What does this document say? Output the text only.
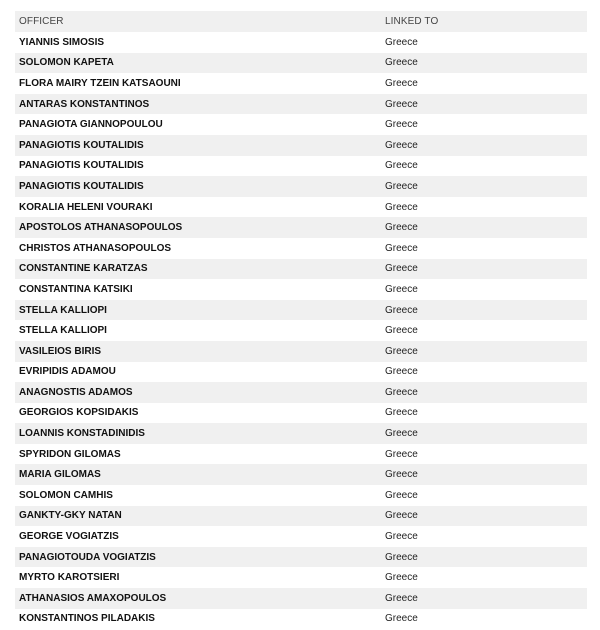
OFFICER	LINKED TO
YIANNIS SIMOSIS	Greece
SOLOMON KAPETA	Greece
FLORA MAIRY TZEIN KATSAOUNI	Greece
ANTARAS KONSTANTINOS	Greece
PANAGIOTA GIANNOPOULOU	Greece
PANAGIOTIS KOUTALIDIS	Greece
PANAGIOTIS KOUTALIDIS	Greece
PANAGIOTIS KOUTALIDIS	Greece
KORALIA HELENI VOURAKI	Greece
APOSTOLOS ATHANASOPOULOS	Greece
CHRISTOS ATHANASOPOULOS	Greece
CONSTANTINE KARATZAS	Greece
CONSTANTINA KATSIKI	Greece
STELLA KALLIOPI	Greece
STELLA KALLIOPI	Greece
VASILEIOS BIRIS	Greece
EVRIPIDIS ADAMOU	Greece
ANAGNOSTIS ADAMOS	Greece
GEORGIOS KOPSIDAKIS	Greece
LOANNIS KONSTADINIDIS	Greece
SPYRIDON GILOMAS	Greece
MARIA GILOMAS	Greece
SOLOMON CAMHIS	Greece
GANKTY-GKY NATAN	Greece
GEORGE VOGIATZIS	Greece
PANAGIOTOUDA VOGIATZIS	Greece
MYRTO KAROTSIERI	Greece
ATHANASIOS AMAXOPOULOS	Greece
KONSTANTINOS PILADAKIS	Greece
